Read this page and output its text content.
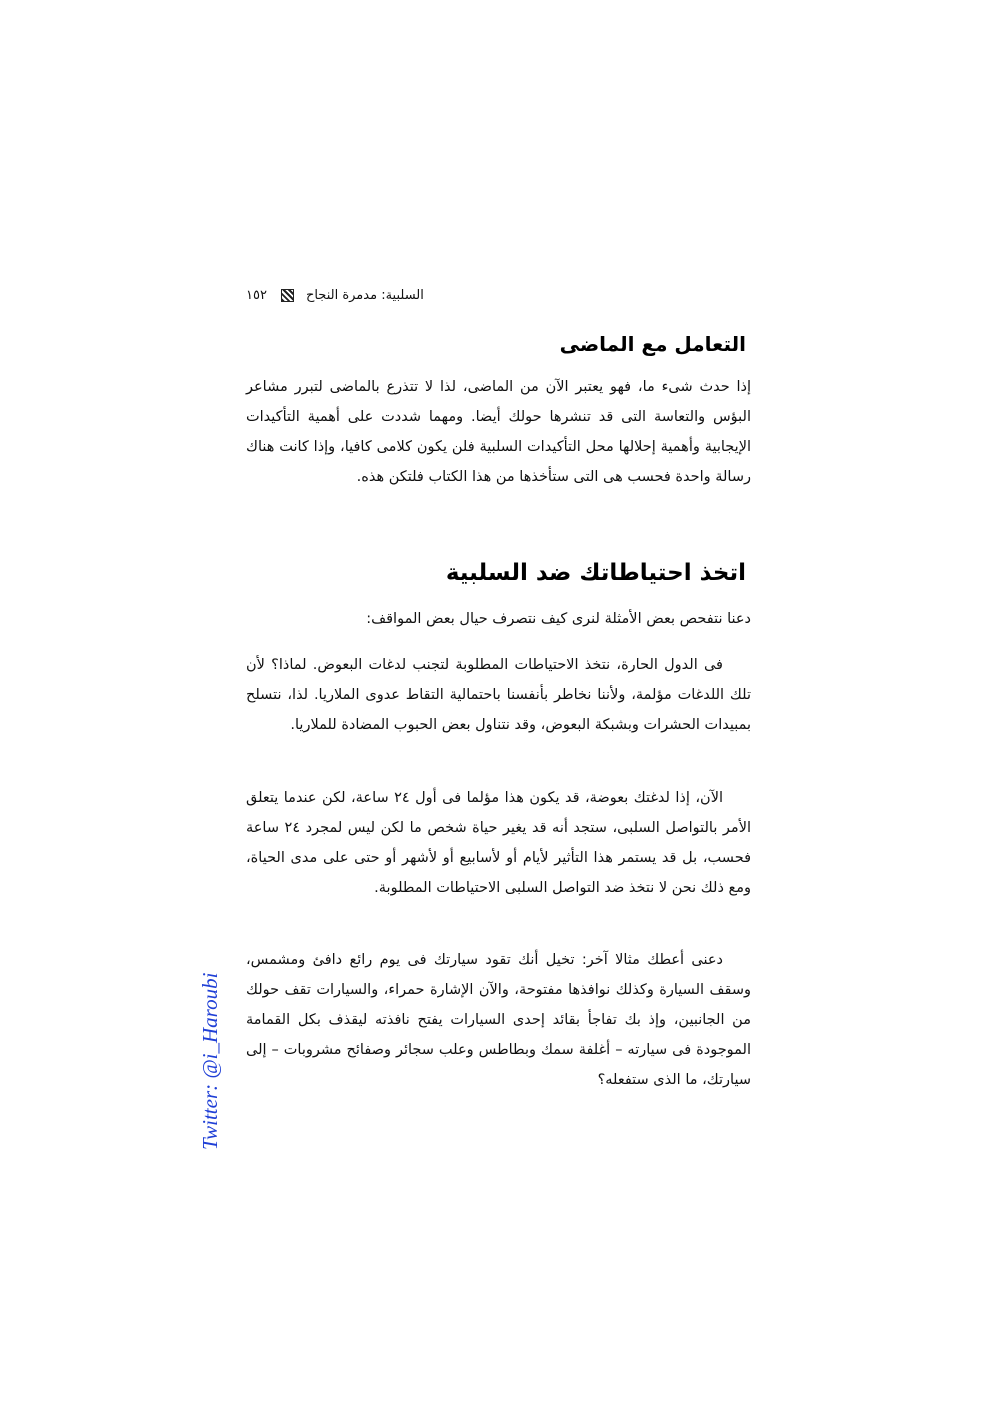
١٥٢	السلبية: مدمرة النجاح
التعامل مع الماضى

إذا حدث شىء ما، فهو يعتبر الآن من الماضى، لذا لا تتذرع بالماضى لتبرر مشاعر البؤس والتعاسة التى قد تنشرها حولك أيضا. ومهما شددت على أهمية التأكيدات الإيجابية وأهمية إحلالها محل التأكيدات السلبية فلن يكون كلامى كافيا، وإذا كانت هناك رسالة واحدة فحسب هى التى ستأخذها من هذا الكتاب فلتكن هذه.

اتخذ احتياطاتك ضد السلبية

دعنا نتفحص بعض الأمثلة لنرى كيف نتصرف حيال بعض المواقف:

فى الدول الحارة، نتخذ الاحتياطات المطلوبة لتجنب لدغات البعوض. لماذا؟ لأن تلك اللدغات مؤلمة، ولأننا نخاطر بأنفسنا باحتمالية التقاط عدوى الملاريا. لذا، نتسلح بمبيدات الحشرات وبشبكة البعوض، وقد نتناول بعض الحبوب المضادة للملاريا.

الآن، إذا لدغتك بعوضة، قد يكون هذا مؤلما فى أول ٢٤ ساعة، لكن عندما يتعلق الأمر بالتواصل السلبى، ستجد أنه قد يغير حياة شخص ما لكن ليس لمجرد ٢٤ ساعة فحسب، بل قد يستمر هذا التأثير لأيام أو لأسابيع أو لأشهر أو حتى على مدى الحياة، ومع ذلك نحن لا نتخذ ضد التواصل السلبى الاحتياطات المطلوبة.

دعنى أعطك مثالا آخر: تخيل أنك تقود سيارتك فى يوم رائع دافئ ومشمس، وسقف السيارة وكذلك نوافذها مفتوحة، والآن الإشارة حمراء، والسيارات تقف حولك من الجانبين، وإذ بك تفاجأ بقائد إحدى السيارات يفتح نافذته ليقذف بكل القمامة الموجودة فى سيارته – أغلفة سمك وبطاطس وعلب سجائر وصفائح مشروبات – إلى سيارتك، ما الذى ستفعله؟

Twitter: @i_Haroubi
